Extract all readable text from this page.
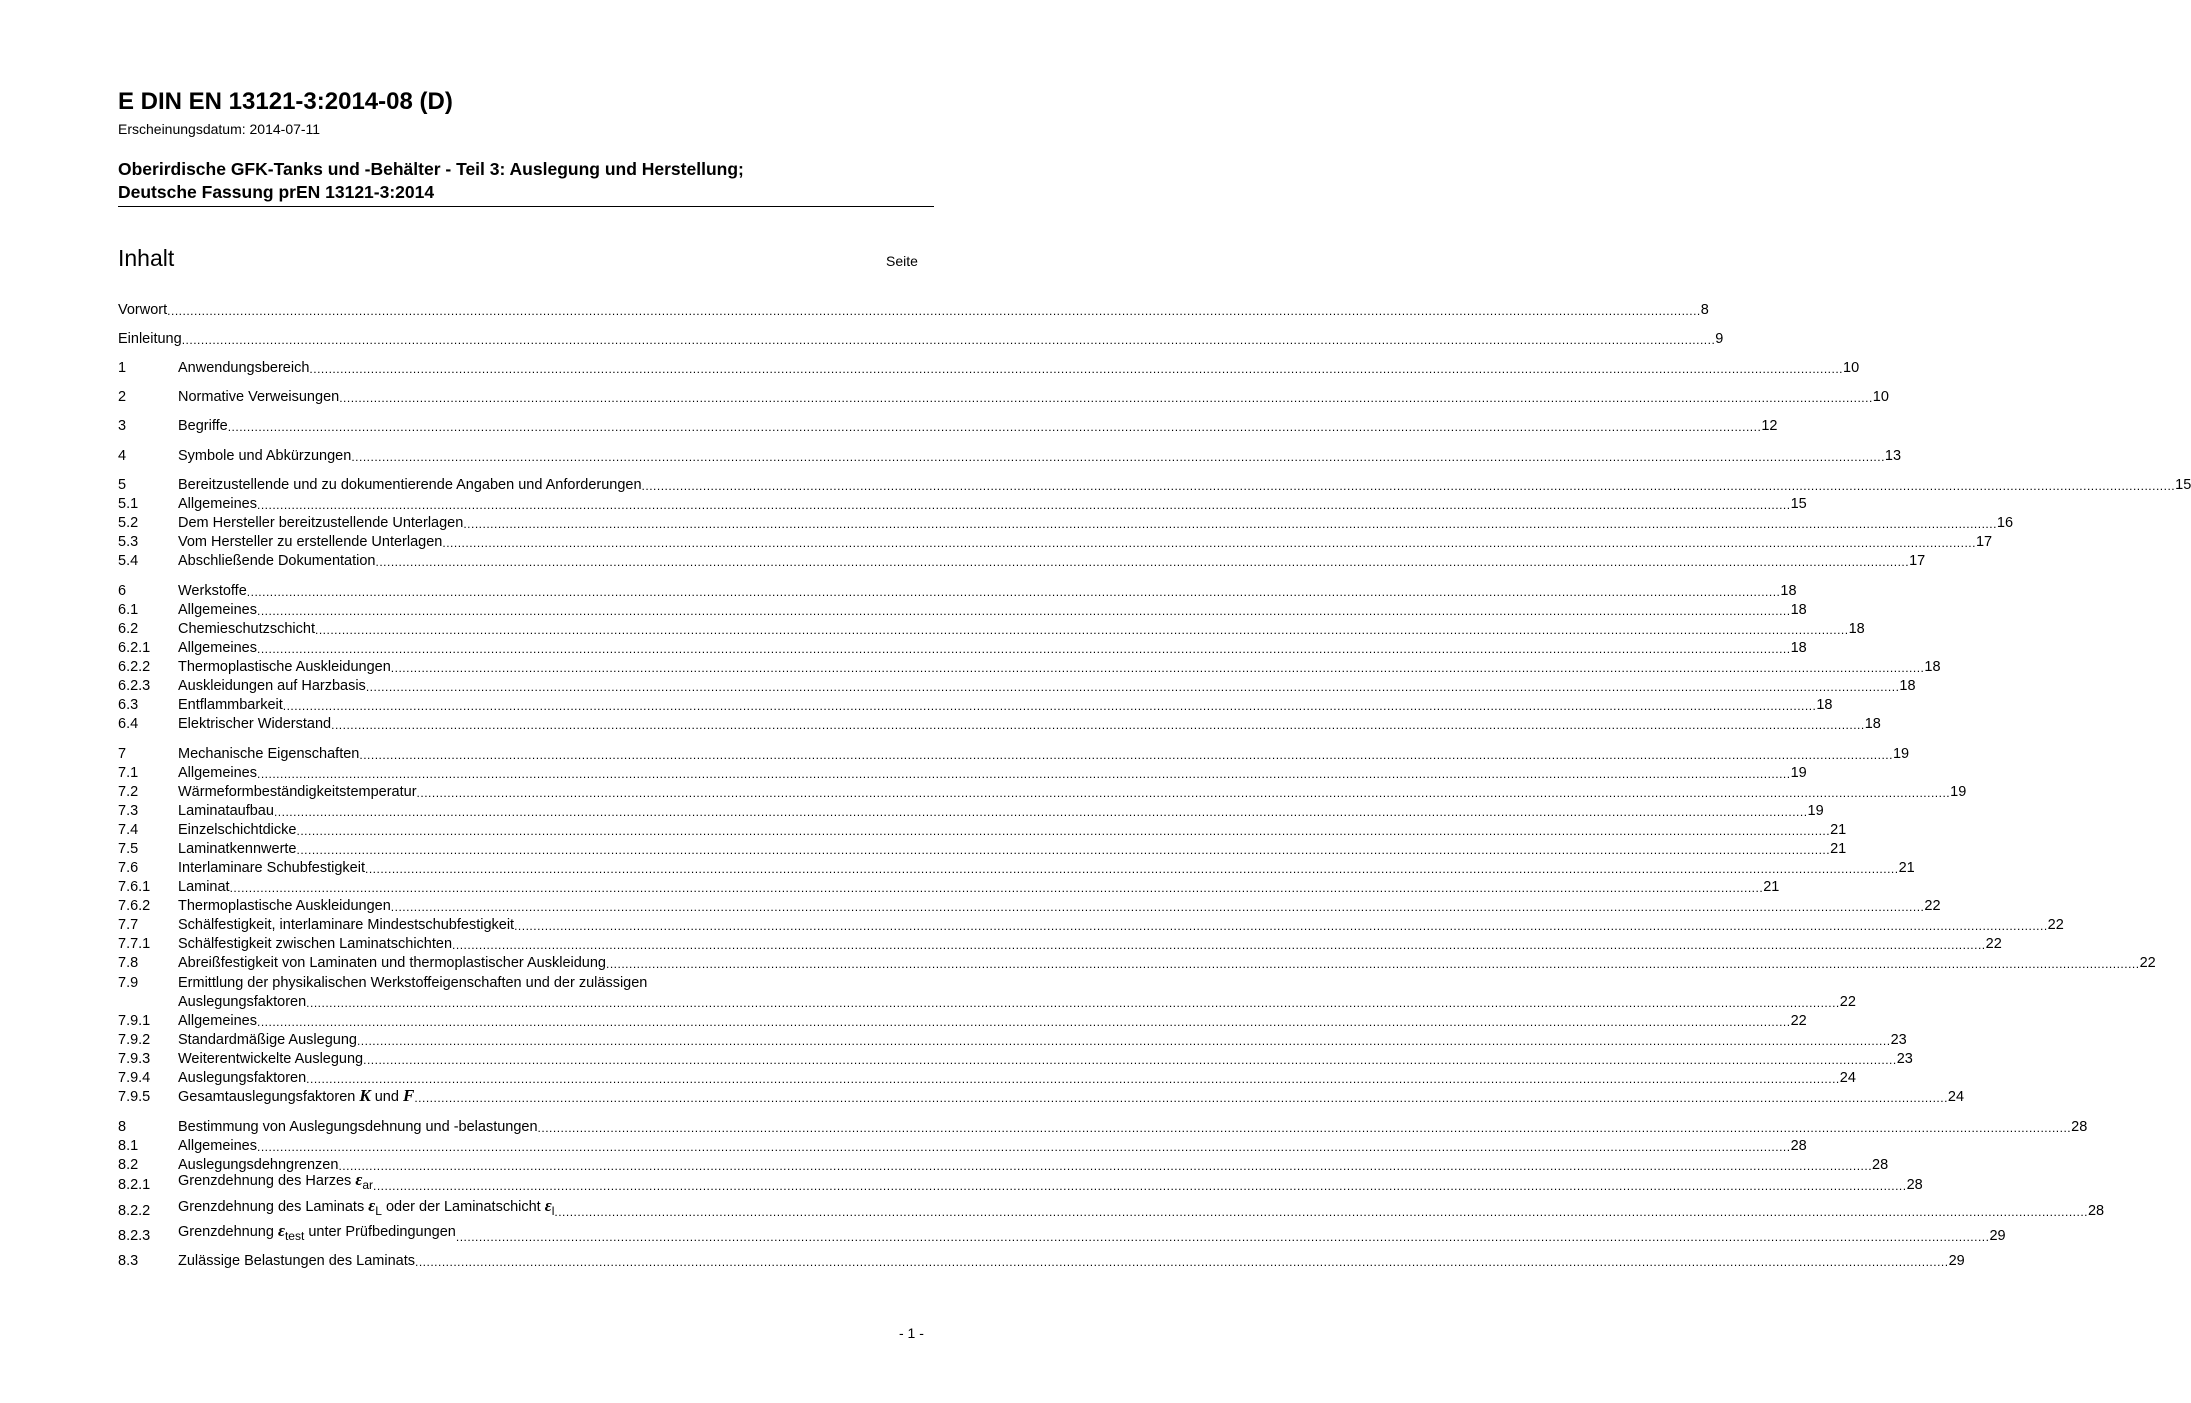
E DIN EN 13121-3:2014-08 (D)
Erscheinungsdatum: 2014-07-11
Oberirdische GFK-Tanks und -Behälter - Teil 3: Auslegung und Herstellung;
Deutsche Fassung prEN 13121-3:2014
Inhalt	Seite
Vorwort ................................................................................................................................................................................................................................................................................................................................................................................................................ 8
Einleitung ................................................................................................................................................................................................................................................................................................................................................................................................................ 9
1	Anwendungsbereich ................................................................................................................................................................................................................................................................................................................................................................................................................ 10
2	Normative Verweisungen ................................................................................................................................................................................................................................................................................................................................................................................................................ 10
3	Begriffe ................................................................................................................................................................................................................................................................................................................................................................................................................ 12
4	Symbole und Abkürzungen ................................................................................................................................................................................................................................................................................................................................................................................................................ 13
5	Bereitzustellende und zu dokumentierende Angaben und Anforderungen ................................................................................................................................................................................................................................................................................................................................................................................................................ 15
5.1	Allgemeines ................................................................................................................................................................................................................................................................................................................................................................................................................ 15
5.2	Dem Hersteller bereitzustellende Unterlagen ................................................................................................................................................................................................................................................................................................................................................................................................................ 16
5.3	Vom Hersteller zu erstellende Unterlagen ................................................................................................................................................................................................................................................................................................................................................................................................................ 17
5.4	Abschließende Dokumentation ................................................................................................................................................................................................................................................................................................................................................................................................................ 17
6	Werkstoffe ................................................................................................................................................................................................................................................................................................................................................................................................................ 18
6.1	Allgemeines ................................................................................................................................................................................................................................................................................................................................................................................................................ 18
6.2	Chemieschutzschicht ................................................................................................................................................................................................................................................................................................................................................................................................................ 18
6.2.1	Allgemeines ................................................................................................................................................................................................................................................................................................................................................................................................................ 18
6.2.2	Thermoplastische Auskleidungen ................................................................................................................................................................................................................................................................................................................................................................................................................ 18
6.2.3	Auskleidungen auf Harzbasis ................................................................................................................................................................................................................................................................................................................................................................................................................ 18
6.3	Entflammbarkeit ................................................................................................................................................................................................................................................................................................................................................................................................................ 18
6.4	Elektrischer Widerstand ................................................................................................................................................................................................................................................................................................................................................................................................................ 18
7	Mechanische Eigenschaften ................................................................................................................................................................................................................................................................................................................................................................................................................ 19
7.1	Allgemeines ................................................................................................................................................................................................................................................................................................................................................................................................................ 19
7.2	Wärmeformbeständigkeitstemperatur ................................................................................................................................................................................................................................................................................................................................................................................................................ 19
7.3	Laminataufbau ................................................................................................................................................................................................................................................................................................................................................................................................................ 19
7.4	Einzelschichtdicke ................................................................................................................................................................................................................................................................................................................................................................................................................ 21
7.5	Laminatkennwerte ................................................................................................................................................................................................................................................................................................................................................................................................................ 21
7.6	Interlaminare Schubfestigkeit ................................................................................................................................................................................................................................................................................................................................................................................................................ 21
7.6.1	Laminat ................................................................................................................................................................................................................................................................................................................................................................................................................ 21
7.6.2	Thermoplastische Auskleidungen ................................................................................................................................................................................................................................................................................................................................................................................................................ 22
7.7	Schälfestigkeit, interlaminare Mindestschubfestigkeit ................................................................................................................................................................................................................................................................................................................................................................................................................ 22
7.7.1	Schälfestigkeit zwischen Laminatschichten ................................................................................................................................................................................................................................................................................................................................................................................................................ 22
7.8	Abreißfestigkeit von Laminaten und thermoplastischer Auskleidung ................................................................................................................................................................................................................................................................................................................................................................................................................ 22
7.9	Ermittlung der physikalischen Werkstoffeigenschaften und der zulässigen
Auslegungsfaktoren ................................................................................................................................................................................................................................................................................................................................................................................................................ 22
7.9.1	Allgemeines ................................................................................................................................................................................................................................................................................................................................................................................................................ 22
7.9.2	Standardmäßige Auslegung ................................................................................................................................................................................................................................................................................................................................................................................................................ 23
7.9.3	Weiterentwickelte Auslegung ................................................................................................................................................................................................................................................................................................................................................................................................................ 23
7.9.4	Auslegungsfaktoren ................................................................................................................................................................................................................................................................................................................................................................................................................ 24
7.9.5	Gesamtauslegungsfaktoren K und F ................................................................................................................................................................................................................................................................................................................................................................................................................ 24
8	Bestimmung von Auslegungsdehnung und -belastungen ................................................................................................................................................................................................................................................................................................................................................................................................................ 28
8.1	Allgemeines ................................................................................................................................................................................................................................................................................................................................................................................................................ 28
8.2	Auslegungsdehngrenzen ................................................................................................................................................................................................................................................................................................................................................................................................................ 28
8.2.1	Grenzdehnung des Harzes $\varepsilon_{ar}$ ................................................................................................................................................................................................................................................................................................................................................................................................................ 28
8.2.2	Grenzdehnung des Laminats $\varepsilon_L$ oder der Laminatschicht $\varepsilon_l$ ................................................................................................................................................................................................................................................................................................................................................................................................................ 28
8.2.3	Grenzdehnung $\varepsilon_{test}$ unter Prüfbedingungen ................................................................................................................................................................................................................................................................................................................................................................................................................ 29
8.3	Zulässige Belastungen des Laminats ................................................................................................................................................................................................................................................................................................................................................................................................................ 29
- 1 -
